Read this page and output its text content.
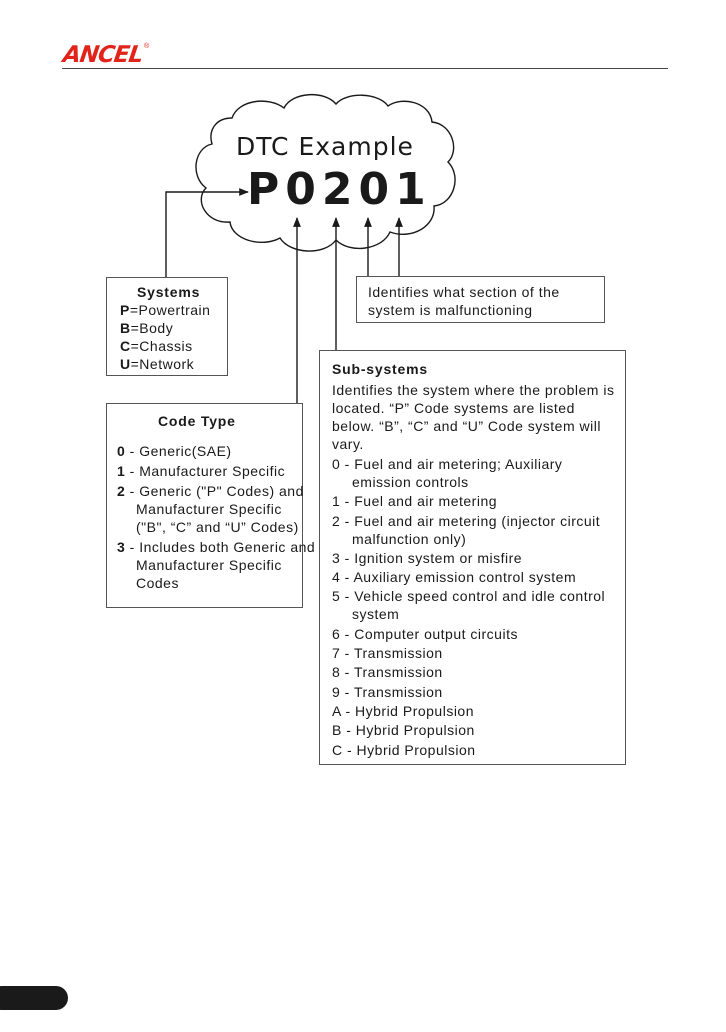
ANCEL ®
DTC Example
P0201
Systems
P=Powertrain
B=Body
C=Chassis
U=Network
Identifies what section of the system is malfunctioning
Code Type
0 - Generic(SAE)
1 - Manufacturer Specific
2 - Generic ("P" Codes) and Manufacturer Specific ("B", “C” and “U” Codes)
3 - Includes both Generic and Manufacturer Specific Codes
Sub-systems
Identifies the system where the problem is located. “P” Code systems are listed below. “B”, “C” and “U” Code system will vary.
0 - Fuel and air metering; Auxiliary emission controls
1 - Fuel and air metering
2 - Fuel and air metering (injector circuit malfunction only)
3 - Ignition system or misfire
4 - Auxiliary emission control system
5 - Vehicle speed control and idle control system
6 - Computer output circuits
7 - Transmission
8 - Transmission
9 - Transmission
A - Hybrid Propulsion
B - Hybrid Propulsion
C - Hybrid Propulsion
